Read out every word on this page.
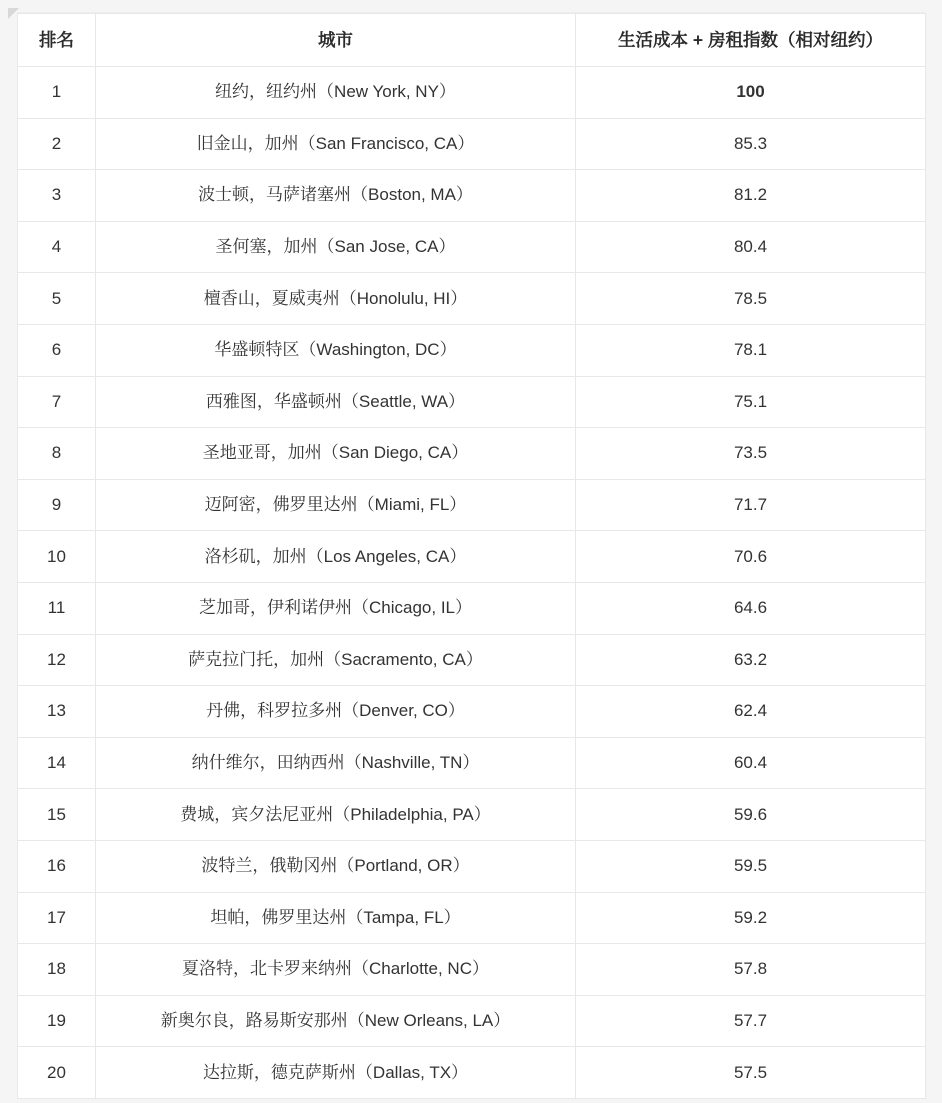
排名	城市	生活成本 + 房租指数（相对纽约）
1	纽约，纽约州（New York, NY）	100
2	旧金山，加州（San Francisco, CA）	85.3
3	波士顿，马萨诸塞州（Boston, MA）	81.2
4	圣何塞，加州（San Jose, CA）	80.4
5	檀香山，夏威夷州（Honolulu, HI）	78.5
6	华盛顿特区（Washington, DC）	78.1
7	西雅图，华盛顿州（Seattle, WA）	75.1
8	圣地亚哥，加州（San Diego, CA）	73.5
9	迈阿密，佛罗里达州（Miami, FL）	71.7
10	洛杉矶，加州（Los Angeles, CA）	70.6
11	芝加哥，伊利诺伊州（Chicago, IL）	64.6
12	萨克拉门托，加州（Sacramento, CA）	63.2
13	丹佛，科罗拉多州（Denver, CO）	62.4
14	纳什维尔，田纳西州（Nashville, TN）	60.4
15	费城，宾夕法尼亚州（Philadelphia, PA）	59.6
16	波特兰，俄勒冈州（Portland, OR）	59.5
17	坦帕，佛罗里达州（Tampa, FL）	59.2
18	夏洛特，北卡罗来纳州（Charlotte, NC）	57.8
19	新奥尔良，路易斯安那州（New Orleans, LA）	57.7
20	达拉斯，德克萨斯州（Dallas, TX）	57.5
